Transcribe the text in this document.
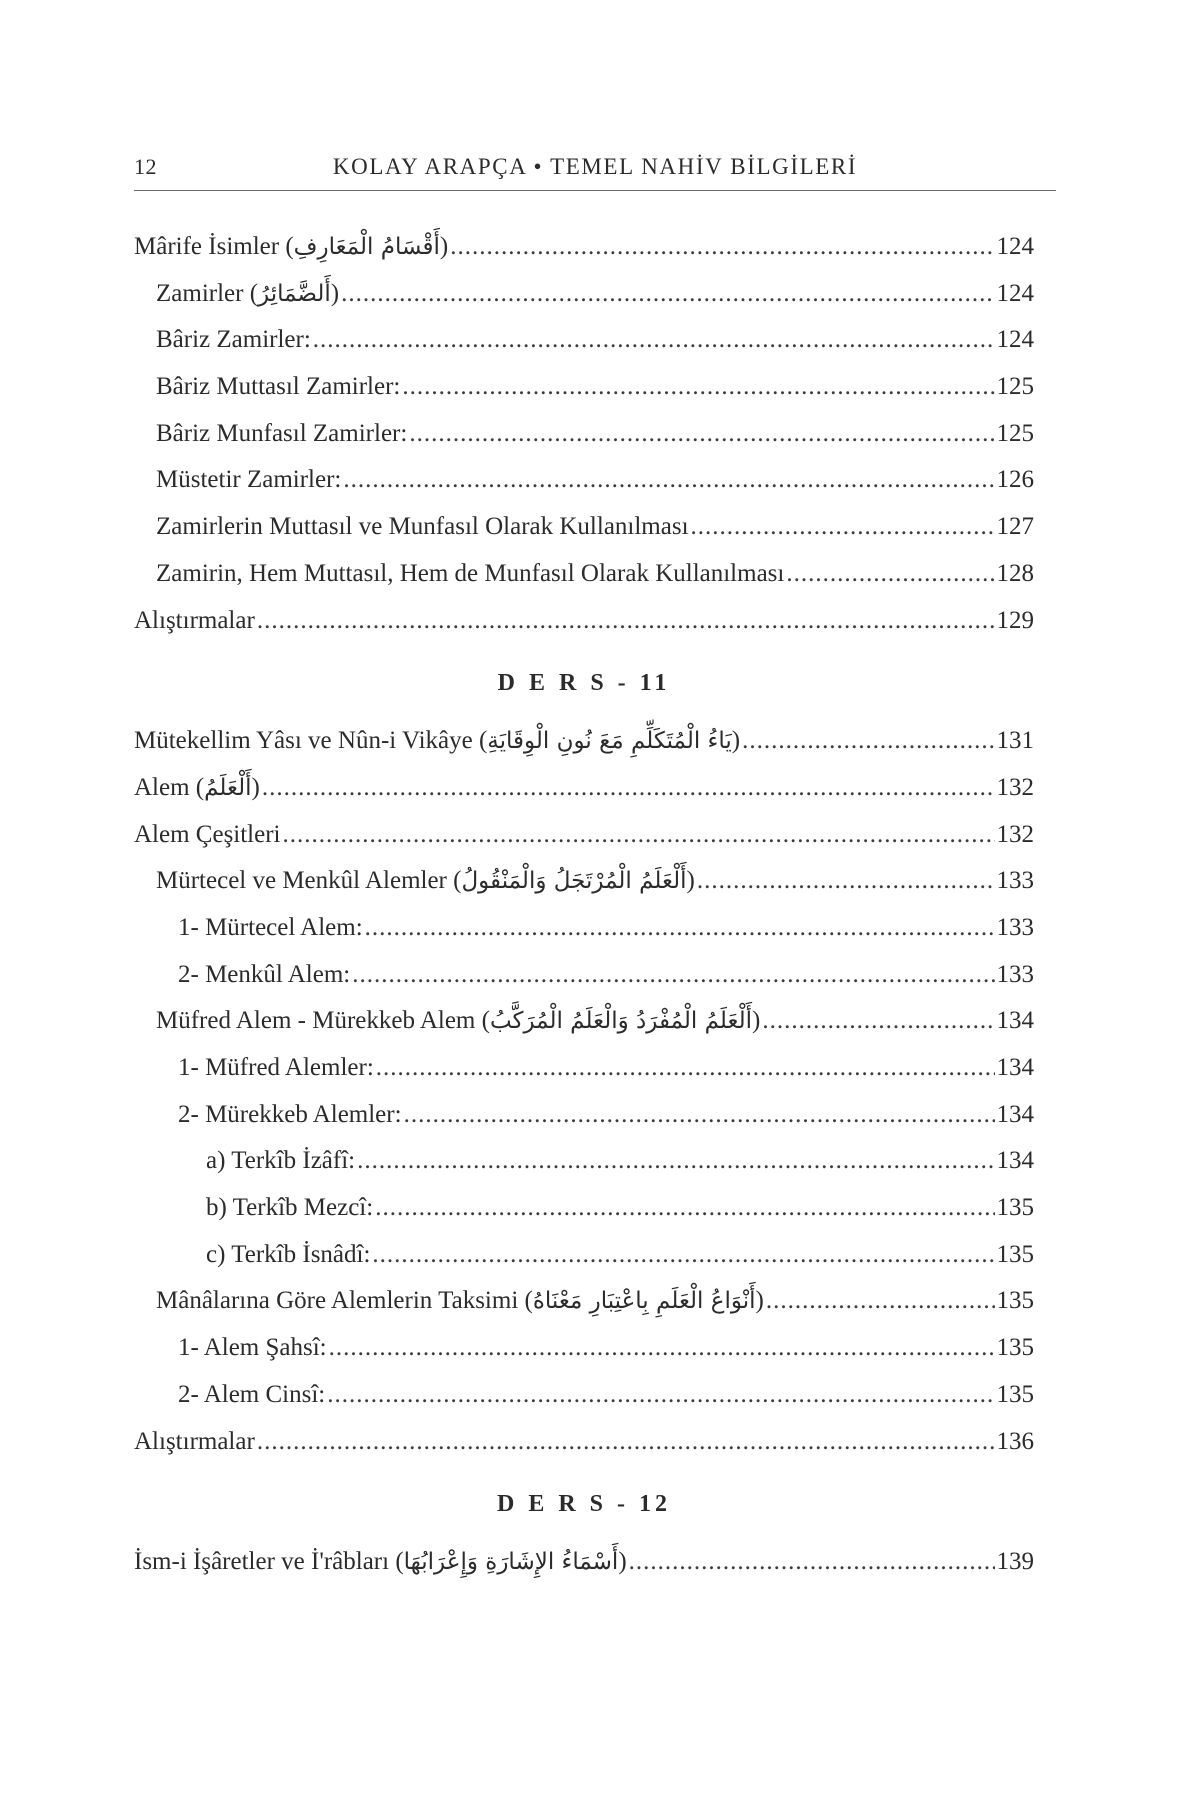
12	KOLAY ARAPÇA • TEMEL NAHİV BİLGİLERİ
Mârife İsimler (أَقْسَامُ الْمَعَارِفِ) .....	124
Zamirler (أَلضَّمَائِرُ) .....	124
Bâriz Zamirler: .....	124
Bâriz Muttasıl Zamirler: .....	125
Bâriz Munfasıl Zamirler: .....	125
Müstetir Zamirler: .....	126
Zamirlerin Muttasıl ve Munfasıl Olarak Kullanılması .....	127
Zamirin, Hem Muttasıl, Hem de Munfasıl Olarak Kullanılması .....	128
Alıştırmalar .....	129
D E R S - 11
Mütekellim Yâsı ve Nûn-i Vikâye (يَاءُ الْمُتَكَلِّمِ مَعَ نُونِ الْوِقَايَةِ) .....	131
Alem (أَلْعَلَمُ) .....	132
Alem Çeşitleri .....	132
Mürtecel ve Menkûl Alemler (أَلْعَلَمُ الْمُرْتَجَلُ وَالْمَنْقُولُ) .....	133
1- Mürtecel Alem: .....	133
2- Menkûl Alem: .....	133
Müfred Alem - Mürekkeb Alem (أَلْعَلَمُ الْمُفْرَدُ وَالْعَلَمُ الْمُرَكَّبُ) .....	134
1- Müfred Alemler: .....	134
2- Mürekkeb Alemler: .....	134
a) Terkîb İzâfî: .....	134
b) Terkîb Mezcî: .....	135
c) Terkîb İsnâdî: .....	135
Mânâlarına Göre Alemlerin Taksimi (أَنْوَاعُ الْعَلَمِ بِاعْتِبَارِ مَعْنَاهُ) .....	135
1- Alem Şahsî: .....	135
2- Alem Cinsî: .....	135
Alıştırmalar .....	136
D E R S - 12
İsm-i İşâretler ve İ'râbları (أَسْمَاءُ الإِشَارَةِ وَإِعْرَابُهَا) .....	139
